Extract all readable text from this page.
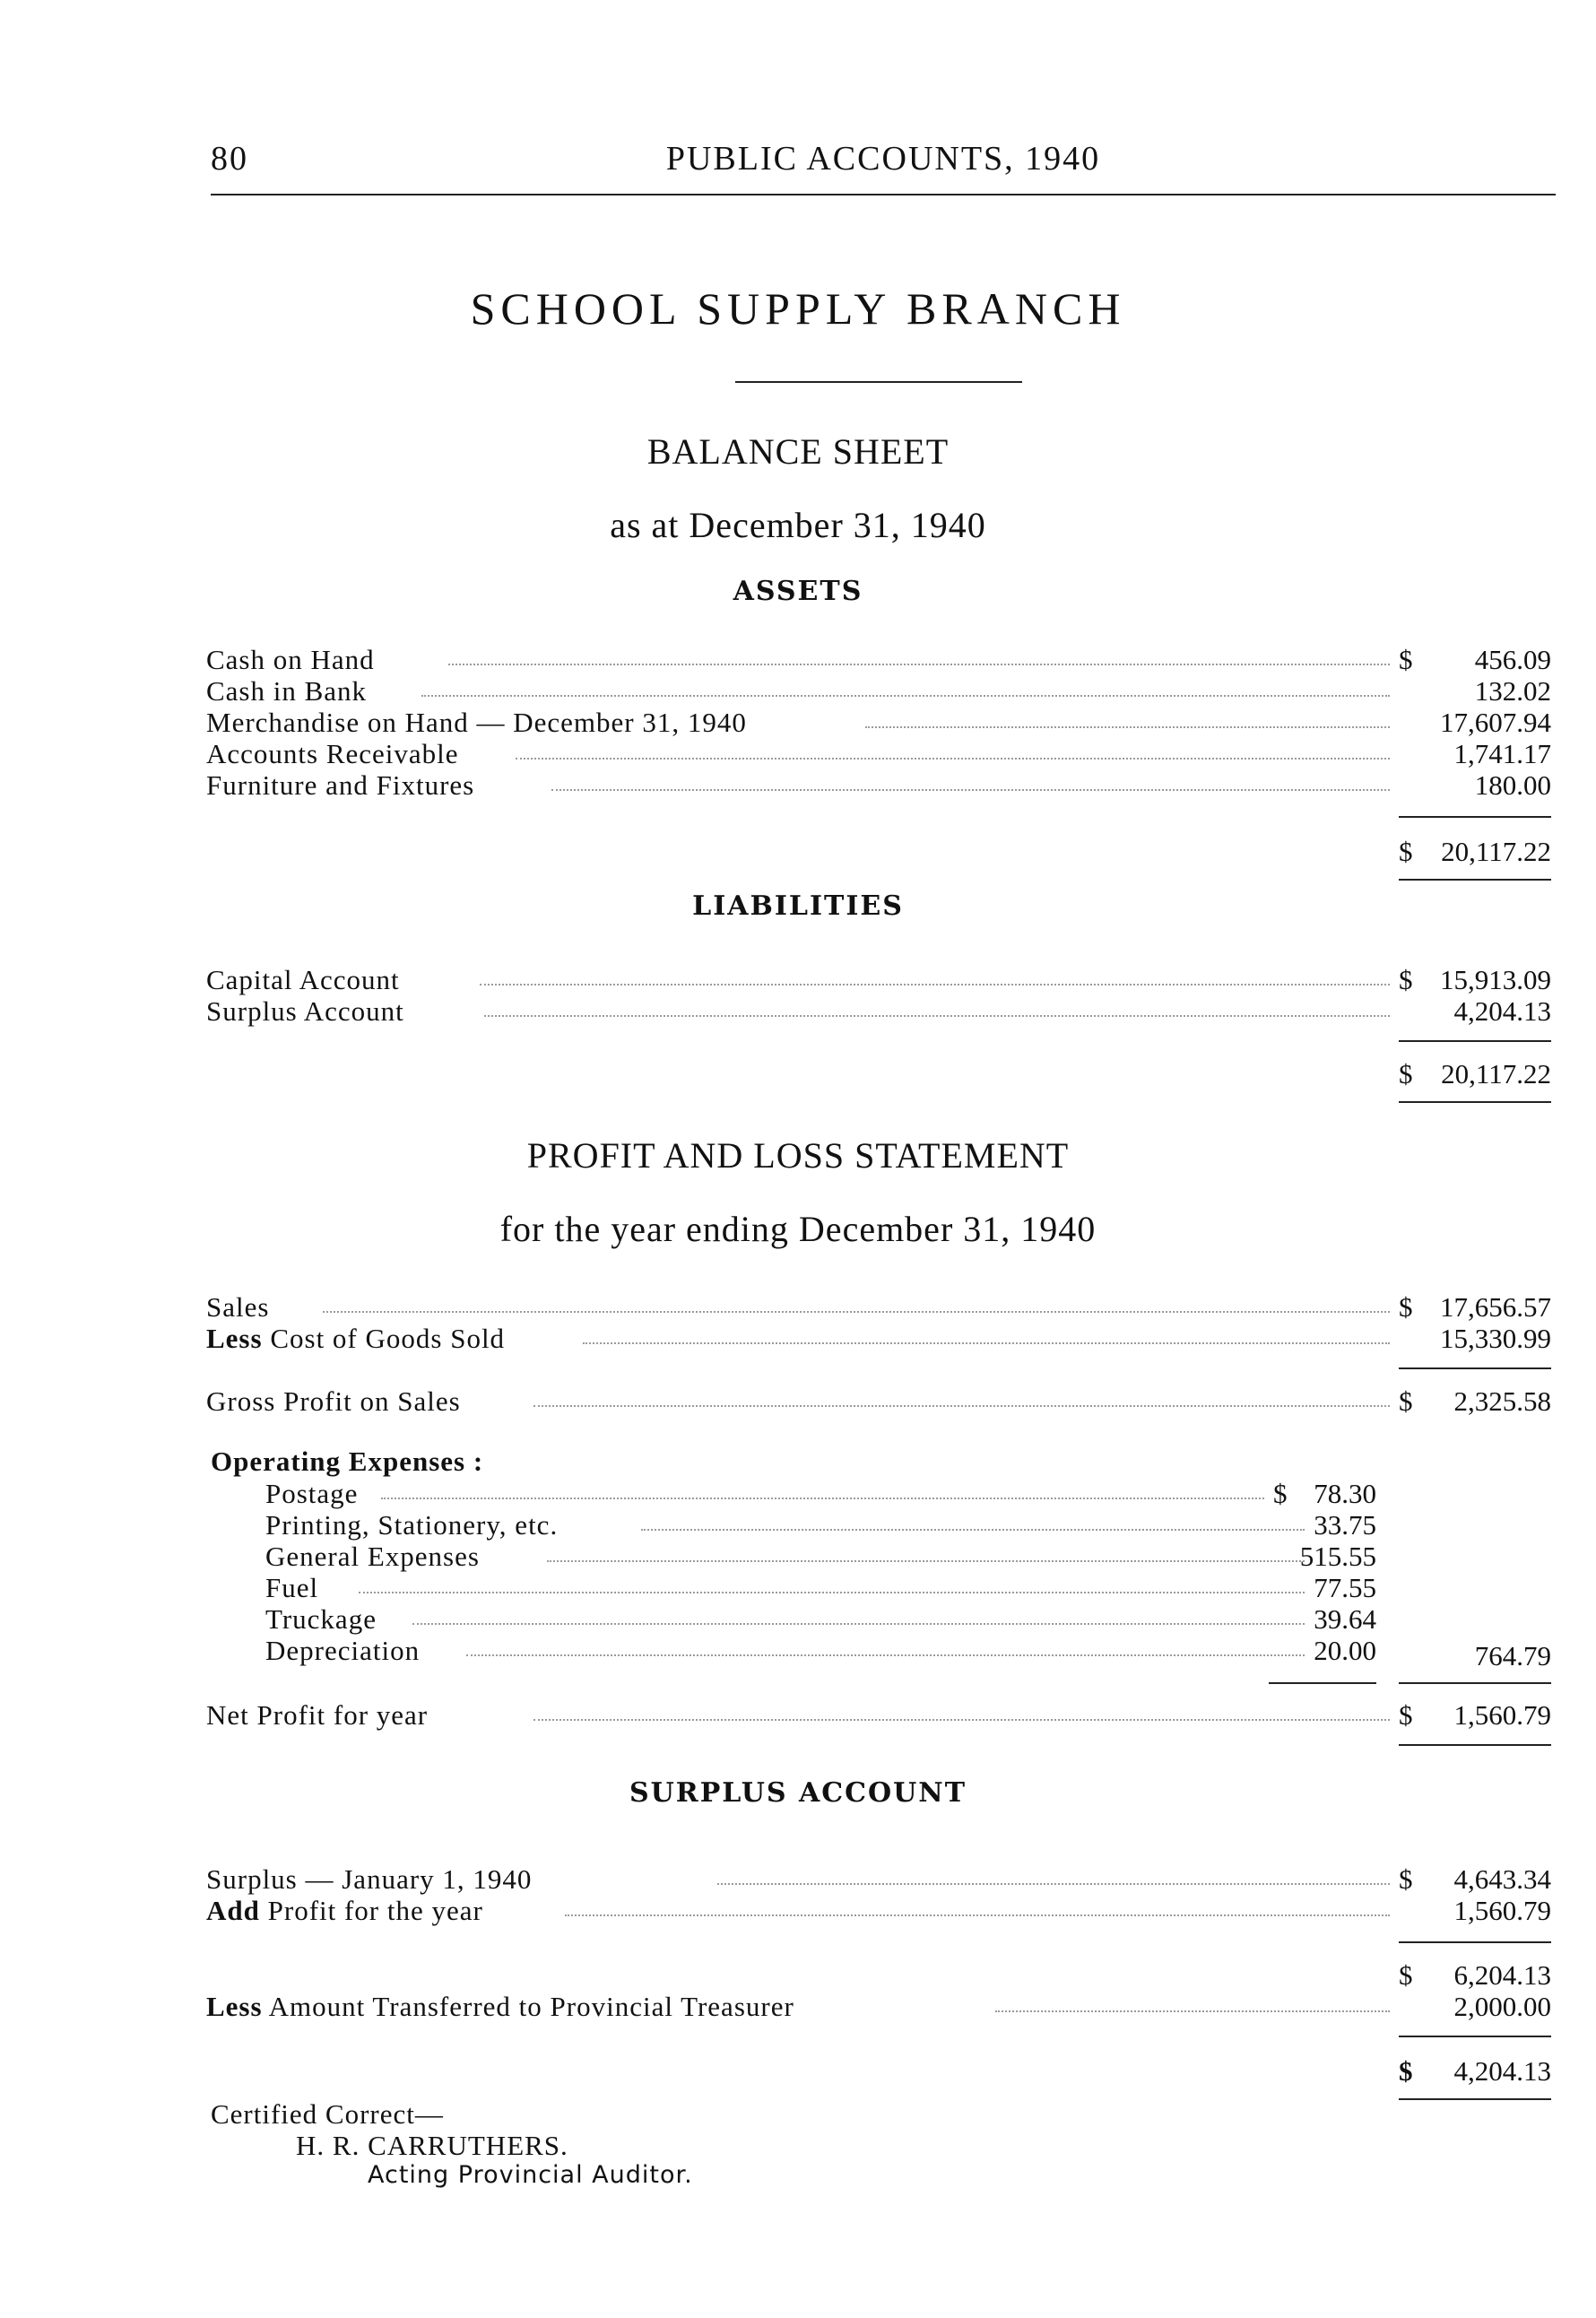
80	PUBLIC ACCOUNTS, 1940
SCHOOL SUPPLY BRANCH
BALANCE SHEET
as at December 31, 1940
ASSETS
Cash on Hand	$ 456.09
Cash in Bank	132.02
Merchandise on Hand — December 31, 1940	17,607.94
Accounts Receivable	1,741.17
Furniture and Fixtures	180.00
$ 20,117.22
LIABILITIES
Capital Account	$ 15,913.09
Surplus Account	4,204.13
$ 20,117.22
PROFIT AND LOSS STATEMENT
for the year ending December 31, 1940
Sales	$ 17,656.57
Less Cost of Goods Sold	15,330.99
Gross Profit on Sales	$ 2,325.58
Operating Expenses :
Postage	$ 78.30
Printing, Stationery, etc.	33.75
General Expenses	515.55
Fuel	77.55
Truckage	39.64
Depreciation	20.00	764.79
Net Profit for year	$ 1,560.79
SURPLUS ACCOUNT
Surplus — January 1, 1940	$ 4,643.34
Add Profit for the year	1,560.79
$ 6,204.13
Less Amount Transferred to Provincial Treasurer	2,000.00
$ 4,204.13
Certified Correct—
H. R. CARRUTHERS.
Acting Provincial Auditor.
